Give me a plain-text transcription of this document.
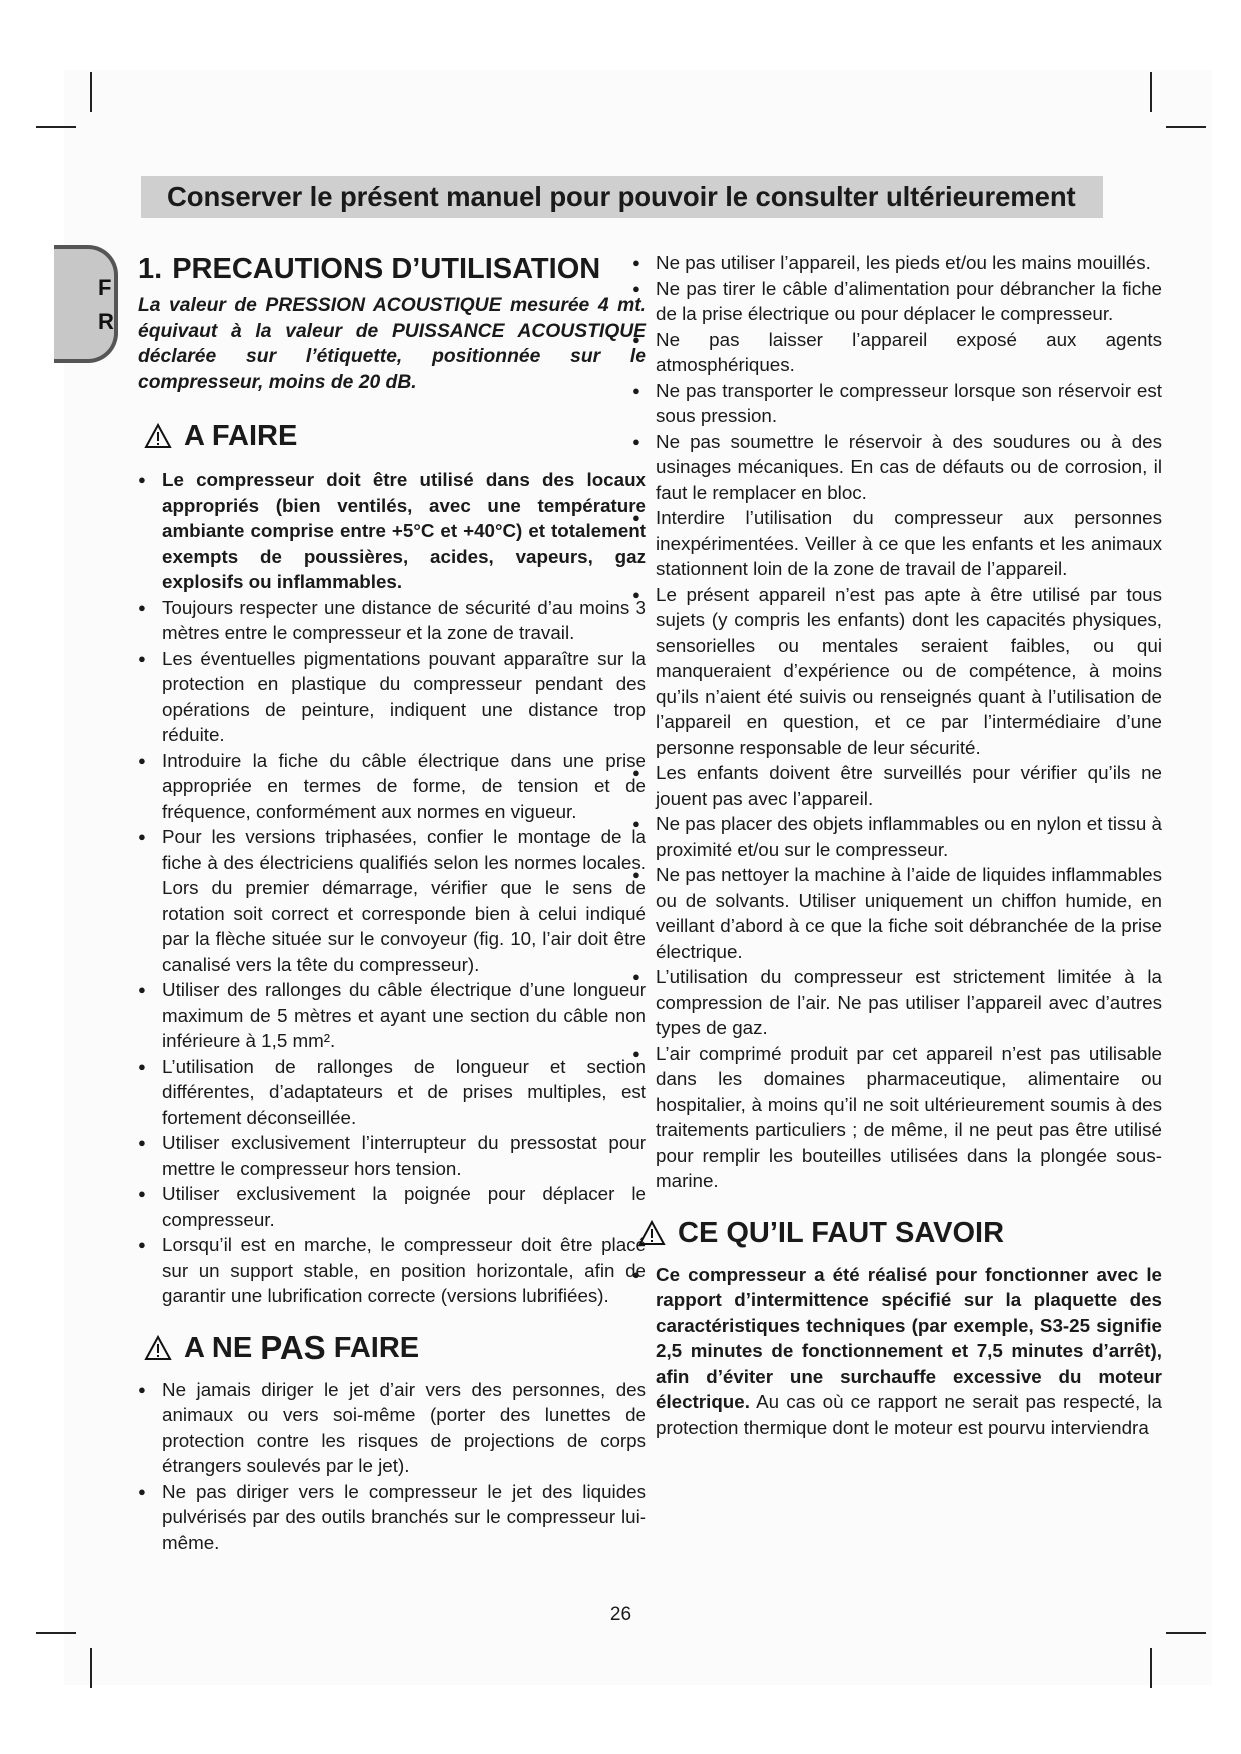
Conserver le présent manuel pour pouvoir le consulter ultérieurement
F
R
1. PRECAUTIONS D’UTILISATION

La valeur de PRESSION ACOUSTIQUE mesurée 4 mt. équivaut à la valeur de PUISSANCE ACOUSTIQUE déclarée sur l’étiquette, positionnée sur le compresseur, moins de 20 dB.

A FAIRE
● Le compresseur doit être utilisé dans des locaux appropriés (bien ventilés, avec une température ambiante comprise entre +5°C et +40°C) et totalement exempts de poussières, acides, vapeurs, gaz explosifs ou inflammables.
● Toujours respecter une distance de sécurité d’au moins 3 mètres entre le compresseur et la zone de travail.
● Les éventuelles pigmentations pouvant apparaître sur la protection en plastique du compresseur pendant des opérations de peinture, indiquent une distance trop réduite.
● Introduire la fiche du câble électrique dans une prise appropriée en termes de forme, de tension et de fréquence, conformément aux normes en vigueur.
● Pour les versions triphasées, confier le montage de la fiche à des électriciens qualifiés selon les normes locales. Lors du premier démarrage, vérifier que le sens de rotation soit correct et corresponde bien à celui indiqué par la flèche située sur le convoyeur (fig. 10, l’air doit être canalisé vers la tête du compresseur).
● Utiliser des rallonges du câble électrique d’une longueur maximum de 5 mètres et ayant une section du câble non inférieure à 1,5 mm².
● L’utilisation de rallonges de longueur et section différentes, d’adaptateurs et de prises multiples, est fortement déconseillée.
● Utiliser exclusivement l’interrupteur du pressostat pour mettre le compresseur hors tension.
● Utiliser exclusivement la poignée pour déplacer le compresseur.
● Lorsqu’il est en marche, le compresseur doit être placé sur un support stable, en position horizontale, afin de garantir une lubrification correcte (versions lubrifiées).
A NE
PAS
FAIRE
● Ne jamais diriger le jet d’air vers des personnes, des animaux ou vers soi-même (porter des lunettes de protection contre les risques de projections de corps étrangers soulevés par le jet).
● Ne pas diriger vers le compresseur le jet des liquides pulvérisés par des outils branchés sur le compresseur lui-même.
● Ne pas utiliser l’appareil, les pieds et/ou les mains mouillés.
● Ne pas tirer le câble d’alimentation pour débrancher la fiche de la prise électrique ou pour déplacer le compresseur.
● Ne pas laisser l’appareil exposé aux agents atmosphériques.
● Ne pas transporter le compresseur lorsque son réservoir est sous pression.
● Ne pas soumettre le réservoir à des soudures ou à des usinages mécaniques. En cas de défauts ou de corrosion, il faut le remplacer en bloc.
● Interdire l’utilisation du compresseur aux personnes inexpérimentées. Veiller à ce que les enfants et les animaux stationnent loin de la zone de travail de l’appareil.
● Le présent appareil n’est pas apte à être utilisé par tous sujets (y compris les enfants) dont les capacités physiques, sensorielles ou mentales seraient faibles, ou qui manqueraient d’expérience ou de compétence, à moins qu’ils n’aient été suivis ou renseignés quant à l’utilisation de l’appareil en question, et ce par l’intermédiaire d’une personne responsable de leur sécurité.
● Les enfants doivent être surveillés pour vérifier qu’ils ne jouent pas avec l’appareil.
● Ne pas placer des objets inflammables ou en nylon et tissu à proximité et/ou sur le compresseur.
● Ne pas nettoyer la machine à l’aide de liquides inflammables ou de solvants. Utiliser uniquement un chiffon humide, en veillant d’abord à ce que la fiche soit débranchée de la prise électrique.
● L’utilisation du compresseur est strictement limitée à la compression de l’air. Ne pas utiliser l’appareil avec d’autres types de gaz.
● L’air comprimé produit par cet appareil n’est pas utilisable dans les domaines pharmaceutique, alimentaire ou hospitalier, à moins qu’il ne soit ultérieurement soumis à des traitements particuliers ; de même, il ne peut pas être utilisé pour remplir les bouteilles utilisées dans la plongée sous-marine.
CE QU’IL FAUT SAVOIR
● Ce compresseur a été réalisé pour fonctionner avec le rapport d’intermittence spécifié sur la plaquette des caractéristiques techniques (par exemple, S3-25 signifie 2,5 minutes de fonctionnement et 7,5 minutes d’arrêt), afin d’éviter une surchauffe excessive du moteur électrique. Au cas où ce rapport ne serait pas respecté, la protection thermique dont le moteur est pourvu interviendra
26
